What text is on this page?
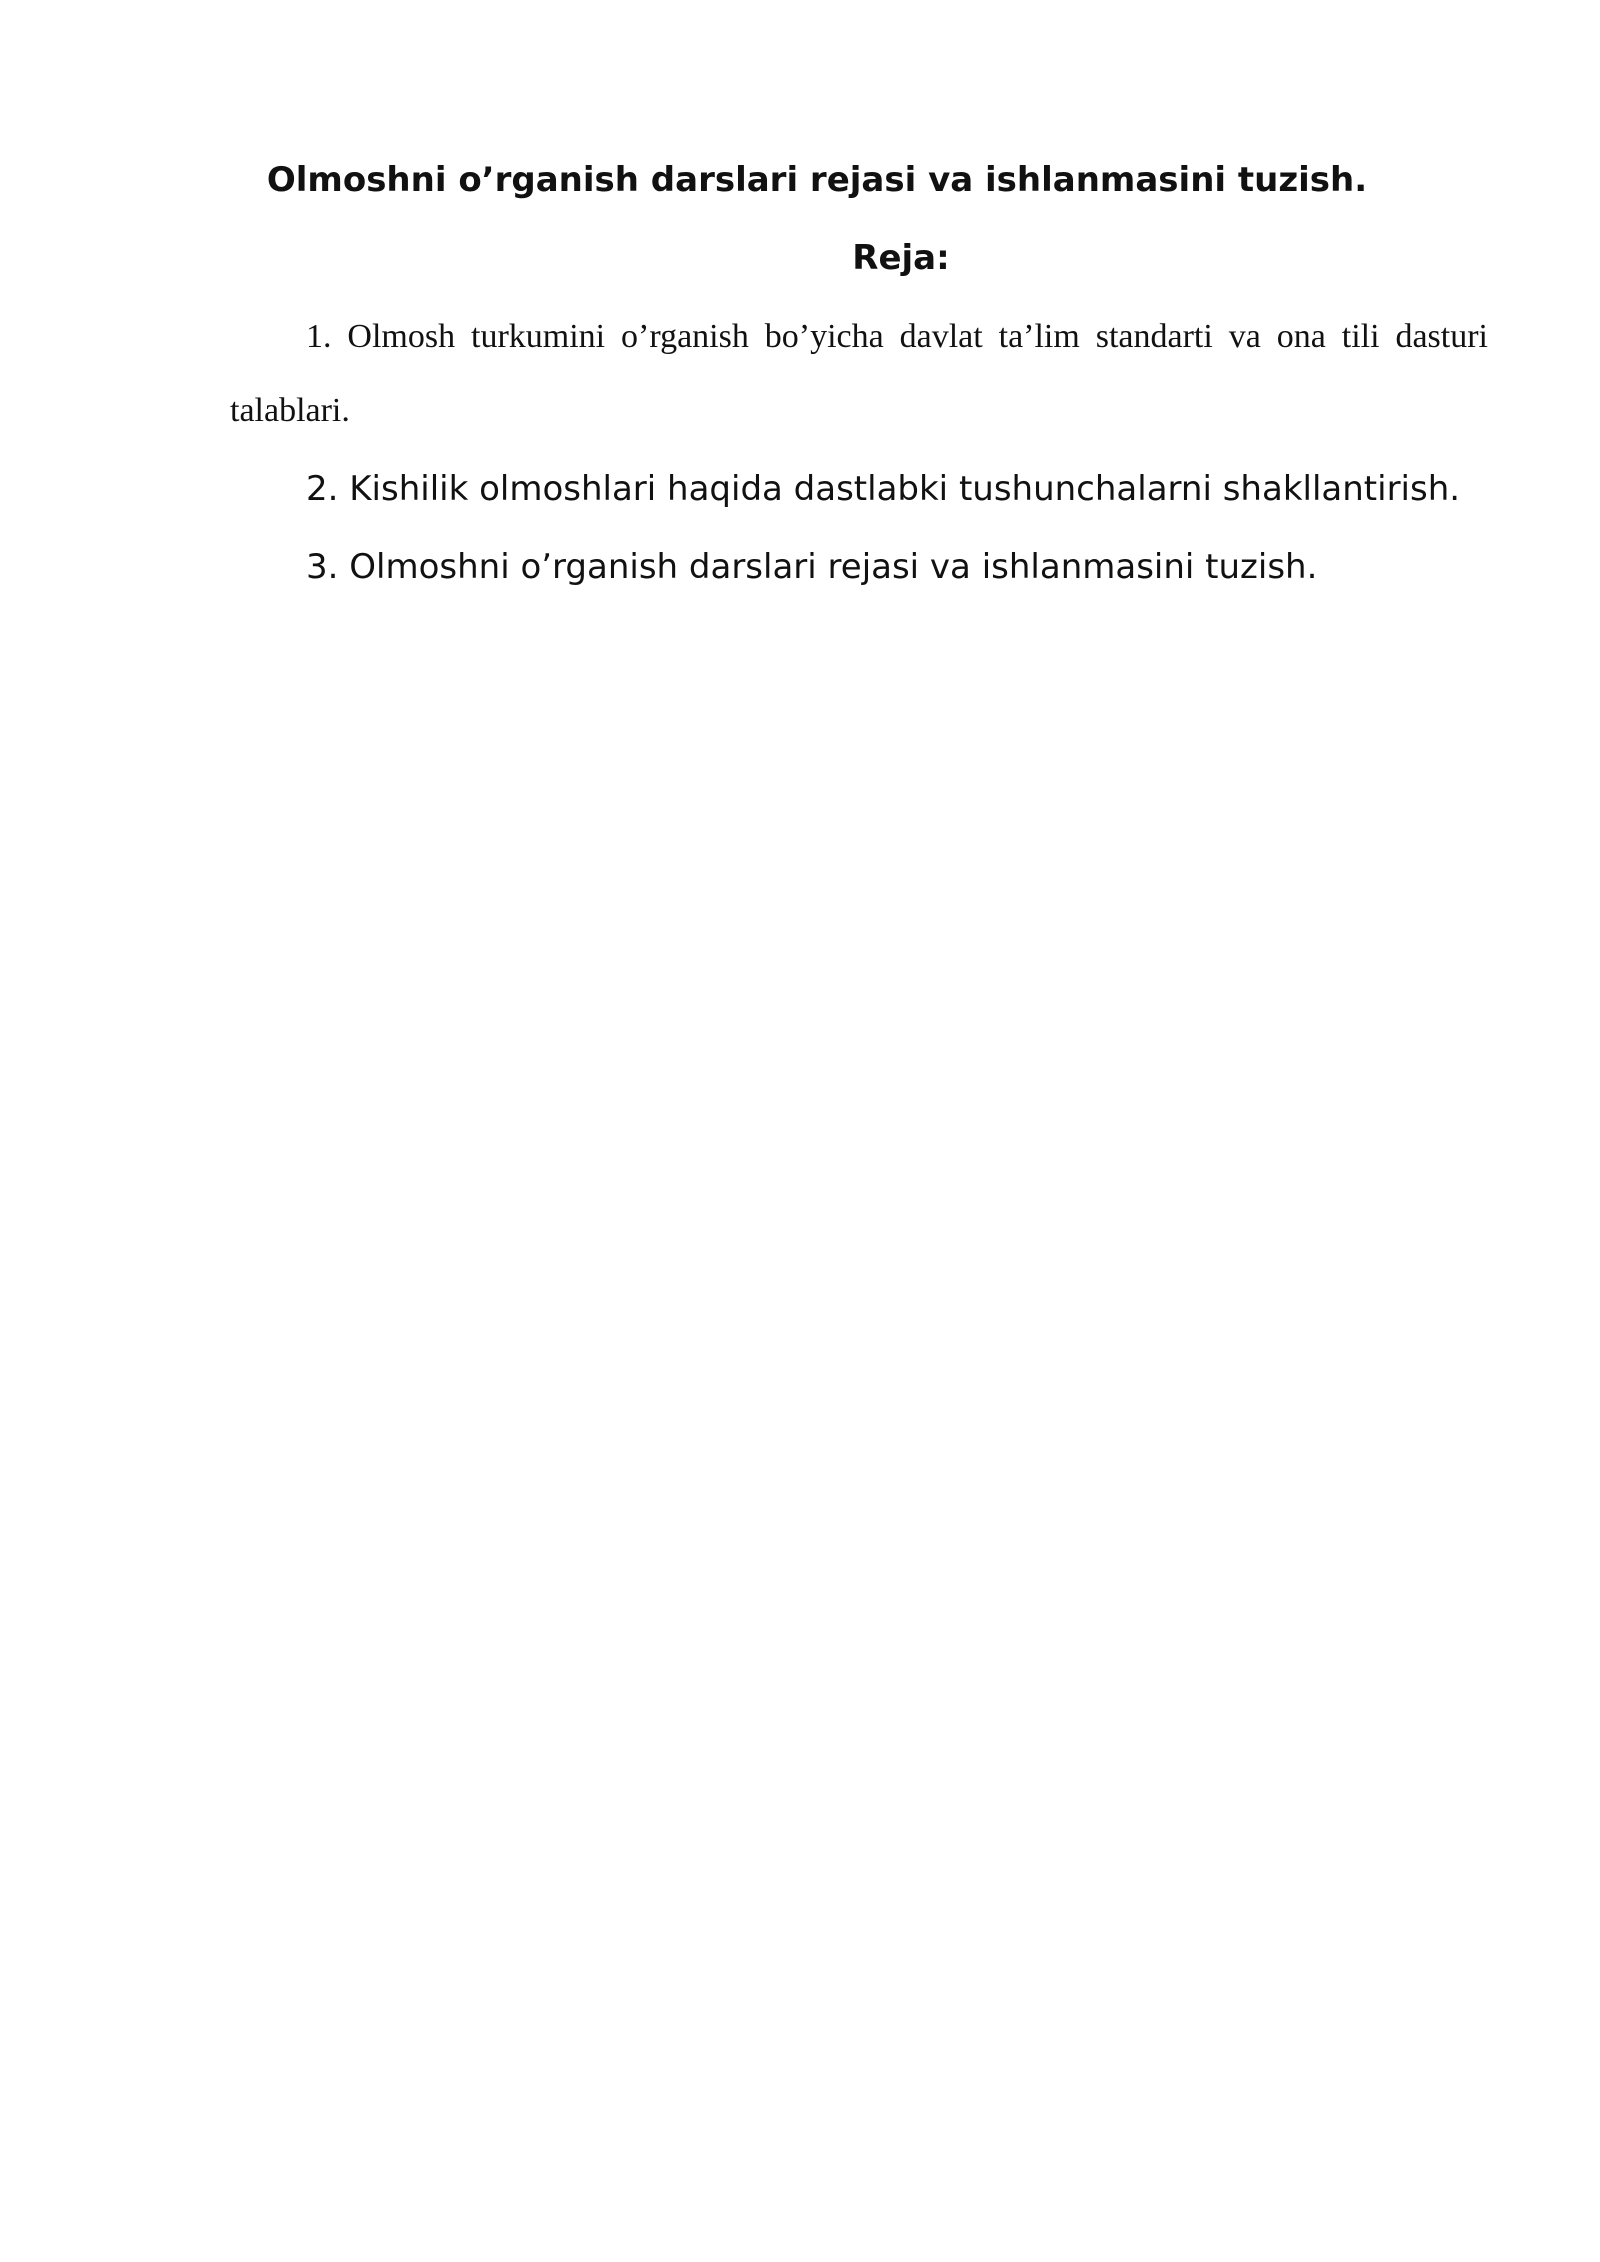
Olmoshni o’rganish darslari rejasi va ishlanmasini tuzish.
Reja:

1. Olmosh turkumini o’rganish bo’yicha davlat ta’lim standarti va ona tili dasturi talablari.

2. Kishilik olmoshlari haqida dastlabki tushunchalarni shakllantirish.

3. Olmoshni o’rganish darslari rejasi va ishlanmasini tuzish.
